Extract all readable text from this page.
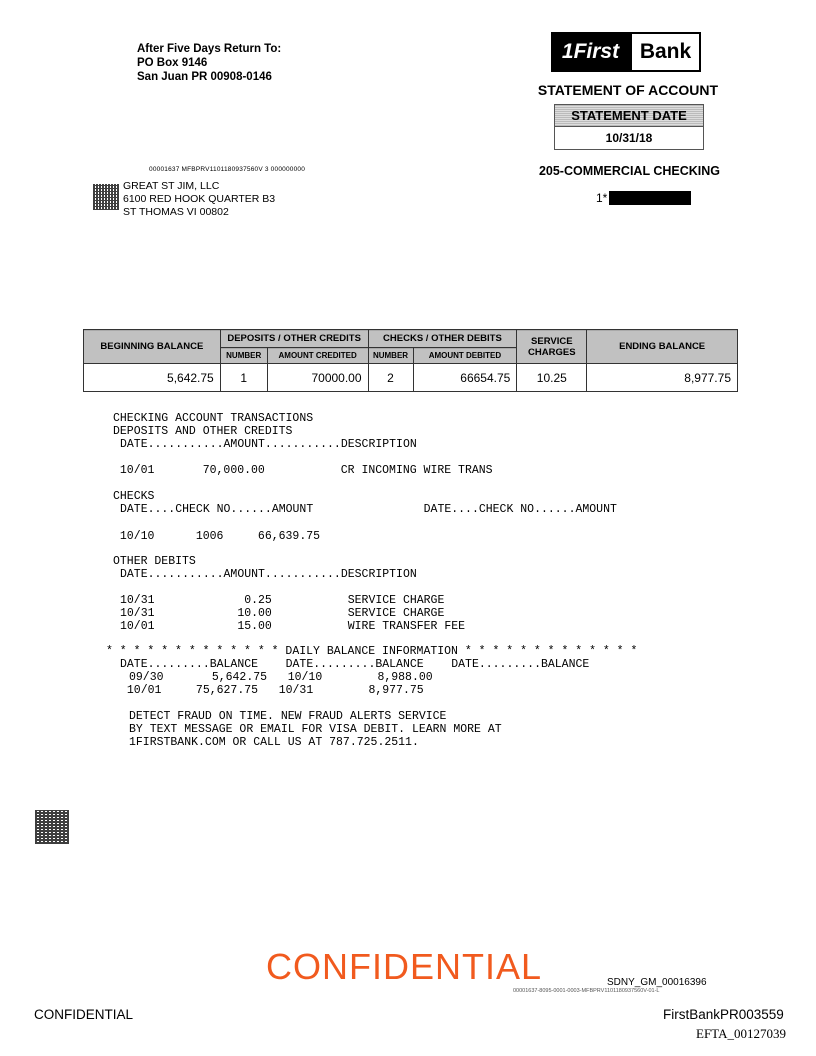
After Five Days Return To:
PO Box 9146
San Juan PR 00908-0146
1First Bank
STATEMENT OF ACCOUNT
STATEMENT DATE
10/31/18
205-COMMERCIAL CHECKING
1*
00001637 MFBPRV1101180937560V 3 000000000
GREAT ST JIM, LLC
6100 RED HOOK QUARTER B3
ST THOMAS VI 00802
BEGINNING BALANCE	DEPOSITS / OTHER CREDITS		CHECKS / OTHER DEBITS		SERVICE CHARGES	ENDING BALANCE
	NUMBER	AMOUNT CREDITED	NUMBER	AMOUNT DEBITED		
5,642.75	1	70000.00	2	66654.75	10.25	8,977.75
CHECKING ACCOUNT TRANSACTIONS
DEPOSITS AND OTHER CREDITS
DATE...........AMOUNT...........DESCRIPTION
10/01       70,000.00           CR INCOMING WIRE TRANS
CHECKS
DATE....CHECK NO......AMOUNT                DATE....CHECK NO......AMOUNT
10/10      1006     66,639.75
OTHER DEBITS
DATE...........AMOUNT...........DESCRIPTION
10/31             0.25           SERVICE CHARGE
10/31            10.00           SERVICE CHARGE
10/01            15.00           WIRE TRANSFER FEE
* * * * * * * * * * * * * DAILY BALANCE INFORMATION * * * * * * * * * * * * *
DATE.........BALANCE    DATE.........BALANCE    DATE.........BALANCE
09/30       5,642.75   10/10        8,988.00
10/01     75,627.75   10/31        8,977.75
DETECT FRAUD ON TIME. NEW FRAUD ALERTS SERVICE
BY TEXT MESSAGE OR EMAIL FOR VISA DEBIT. LEARN MORE AT
1FIRSTBANK.COM OR CALL US AT 787.725.2511.
CONFIDENTIAL	SDNY_GM_00016396
00001637-8095-0001-0003-MFBPRV1101180937560V-01-L
CONFIDENTIAL	FirstBankPR003559
EFTA_00127039
